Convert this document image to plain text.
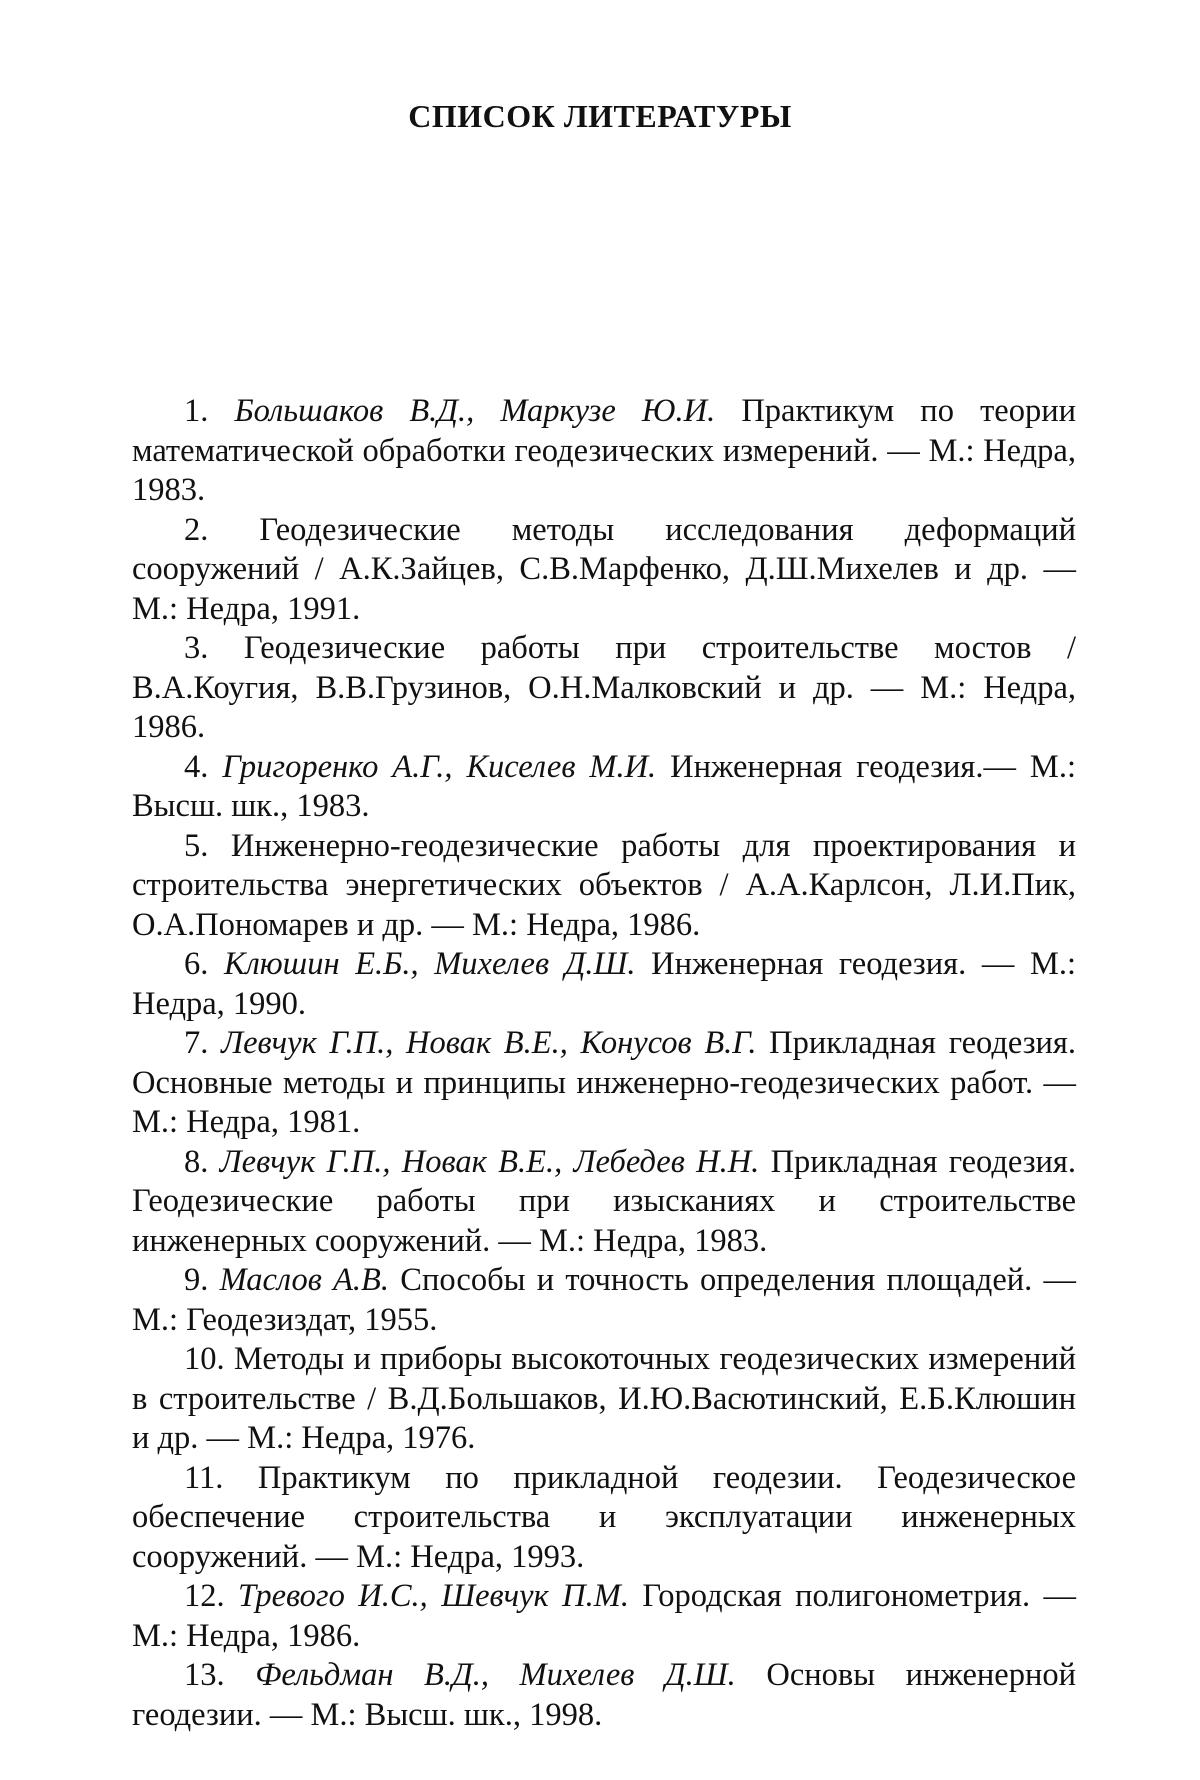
СПИСОК ЛИТЕРАТУРЫ
1. Большаков В.Д., Маркузе Ю.И. Практикум по теории математической обработки геодезических измерений. — М.: Недра, 1983.
2. Геодезические методы исследования деформаций сооружений / А.К.Зайцев, С.В.Марфенко, Д.Ш.Михелев и др. — М.: Недра, 1991.
3. Геодезические работы при строительстве мостов / В.А.Коугия, В.В.Грузинов, О.Н.Малковский и др. — М.: Недра, 1986.
4. Григоренко А.Г., Киселев М.И. Инженерная геодезия.— М.: Высш. шк., 1983.
5. Инженерно-геодезические работы для проектирования и строительства энергетических объектов / А.А.Карлсон, Л.И.Пик, О.А.Пономарев и др. — М.: Недра, 1986.
6. Клюшин Е.Б., Михелев Д.Ш. Инженерная геодезия. — М.: Недра, 1990.
7. Левчук Г.П., Новак В.Е., Конусов В.Г. Прикладная геодезия. Основные методы и принципы инженерно-геодезических работ. — М.: Недра, 1981.
8. Левчук Г.П., Новак В.Е., Лебедев Н.Н. Прикладная геодезия. Геодезические работы при изысканиях и строительстве инженерных сооружений. — М.: Недра, 1983.
9. Маслов А.В. Способы и точность определения площадей. — М.: Геодезиздат, 1955.
10. Методы и приборы высокоточных геодезических измерений в строительстве / В.Д.Большаков, И.Ю.Васютинский, Е.Б.Клюшин и др. — М.: Недра, 1976.
11. Практикум по прикладной геодезии. Геодезическое обеспечение строительства и эксплуатации инженерных сооружений. — М.: Недра, 1993.
12. Тревого И.С., Шевчук П.М. Городская полигонометрия. — М.: Недра, 1986.
13. Фельдман В.Д., Михелев Д.Ш. Основы инженерной геодезии. — М.: Высш. шк., 1998.
